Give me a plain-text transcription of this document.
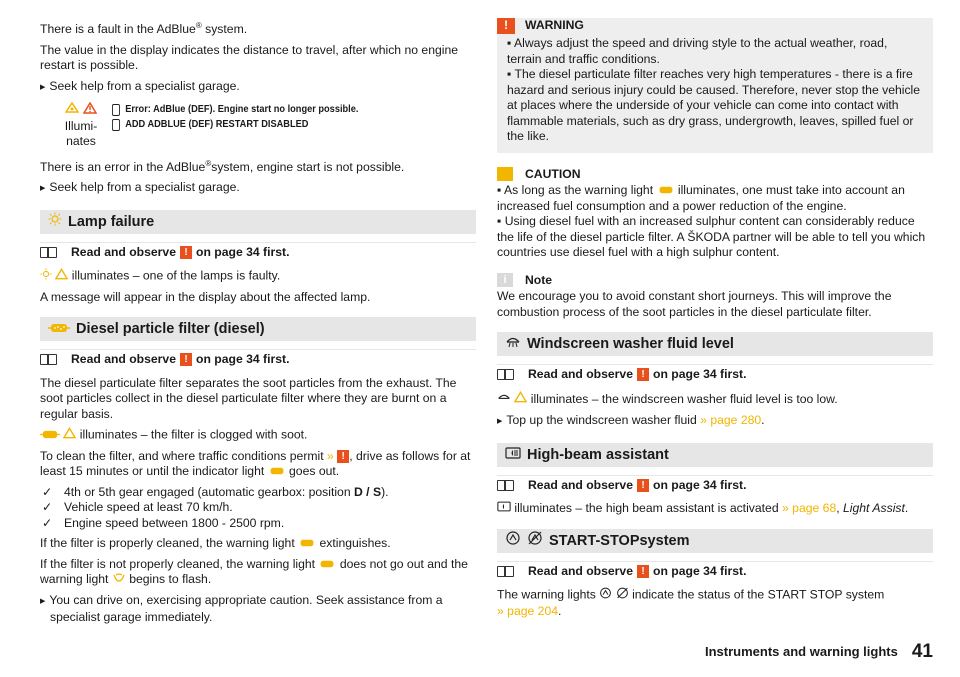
There is a fault in the AdBlue® system.

The value in the display indicates the distance to travel, after which no engine restart is possible.

▶ Seek help from a specialist garage.

Illumi- nates
Error: AdBlue (DEF). Engine start no longer possible.
ADD ADBLUE (DEF) RESTART DISABLED

There is an error in the AdBlue®system, engine start is not possible.

▶ Seek help from a specialist garage.

Lamp failure
Read and observe ! on page 34 first.

illuminates – one of the lamps is faulty.

A message will appear in the display about the affected lamp.

Diesel particle filter (diesel)
Read and observe ! on page 34 first.

The diesel particulate filter separates the soot particles from the exhaust. The soot particles collect in the diesel particulate filter where they are burnt on a regular basis.

illuminates – the filter is clogged with soot.

To clean the filter, and where traffic conditions permit » ! , drive as follows for at least 15 minutes or until the indicator light goes out.

✓ 4th or 5th gear engaged (automatic gearbox: position D / S).
✓ Vehicle speed at least 70 km/h.
✓ Engine speed between 1800 - 2500 rpm.

If the filter is properly cleaned, the warning light extinguishes.

If the filter is not properly cleaned, the warning light does not go out and the warning light begins to flash.

▶ You can drive on, exercising appropriate caution. Seek assistance from a specialist garage immediately.

!	WARNING

▪ Always adjust the speed and driving style to the actual weather, road, terrain and traffic conditions.

▪ The diesel particulate filter reaches very high temperatures - there is a fire hazard and serious injury could be caused. Therefore, never stop the vehicle at places where the underside of your vehicle can come into contact with flammable materials, such as dry grass, undergrowth, leaves, spilled fuel or the like.

CAUTION

▪ As long as the warning light illuminates, one must take into account an increased fuel consumption and a power reduction of the engine.

▪ Using diesel fuel with an increased sulphur content can considerably reduce the life of the diesel particle filter. A ŠKODA partner will be able to tell you which countries use diesel fuel with a high sulphur content.

i	Note

We encourage you to avoid constant short journeys. This will improve the combustion process of the soot particles in the diesel particulate filter.

Windscreen washer fluid level
Read and observe ! on page 34 first.

illuminates – the windscreen washer fluid level is too low.

▶ Top up the windscreen washer fluid » page 280.

High-beam assistant
Read and observe ! on page 34 first.

illuminates – the high beam assistant is activated » page 68, Light Assist.

START-STOPsystem
Read and observe ! on page 34 first.

The warning lights	indicate the status of the START STOP system
» page 204.

Instruments and warning lights 41
